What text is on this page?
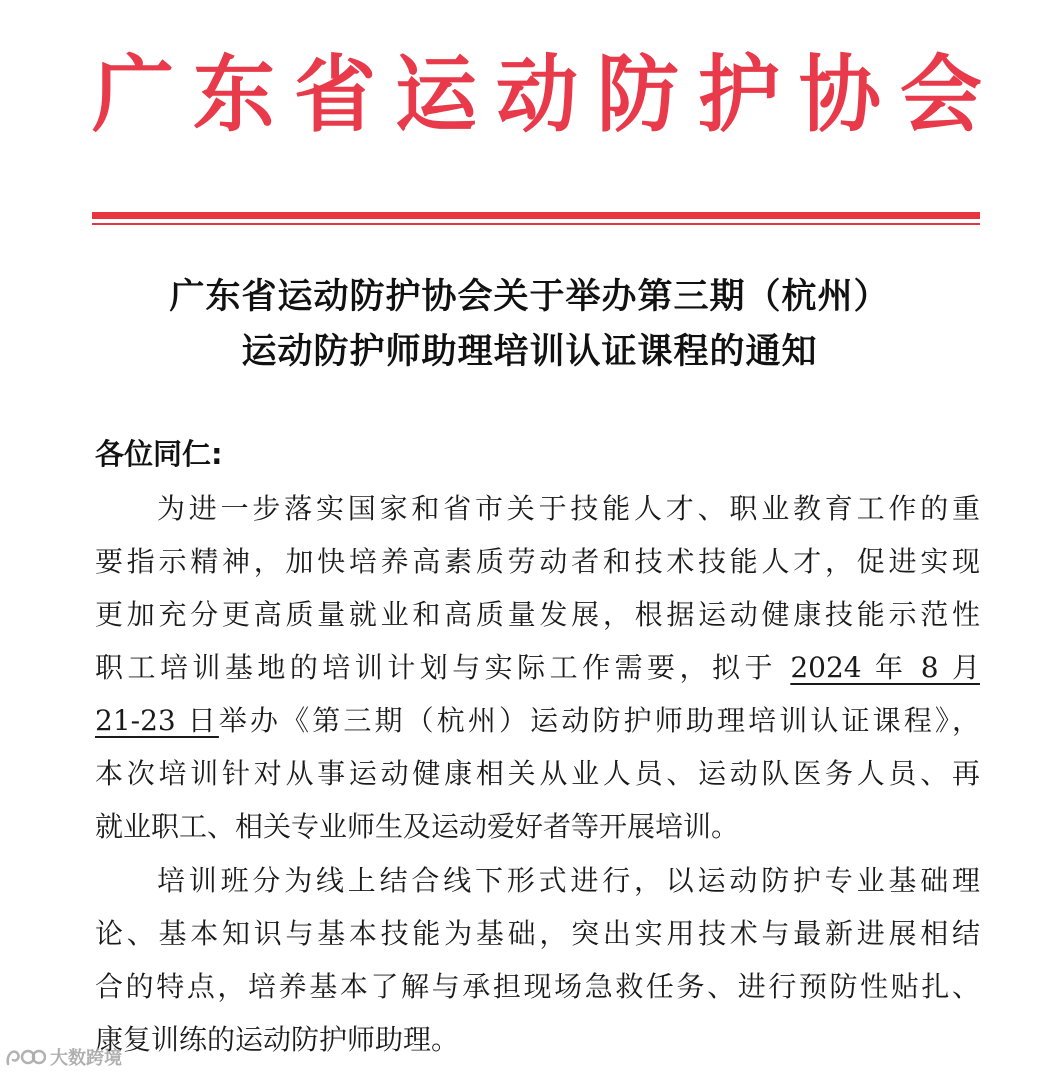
广 东 省 运 动 防 护 协 会
广东省运动防护协会关于举办第三期（杭州）
运动防护师助理培训认证课程的通知
各位同仁:
为进一步落实国家和省市关于技能人才、职业教育工作的重
要指示精神，加快培养高素质劳动者和技术技能人才，促进实现
更加充分更高质量就业和高质量发展，根据运动健康技能示范性
职工培训基地的培训计划与实际工作需要，拟于 2024 年 8 月
21-23 日举办《第三期（杭州）运动防护师助理培训认证课程》，
本次培训针对从事运动健康相关从业人员、运动队医务人员、再
就业职工、相关专业师生及运动爱好者等开展培训。
培训班分为线上结合线下形式进行，以运动防护专业基础理
论、基本知识与基本技能为基础，突出实用技术与最新进展相结
合的特点，培养基本了解与承担现场急救任务、进行预防性贴扎、
康复训练的运动防护师助理。
大数跨境
